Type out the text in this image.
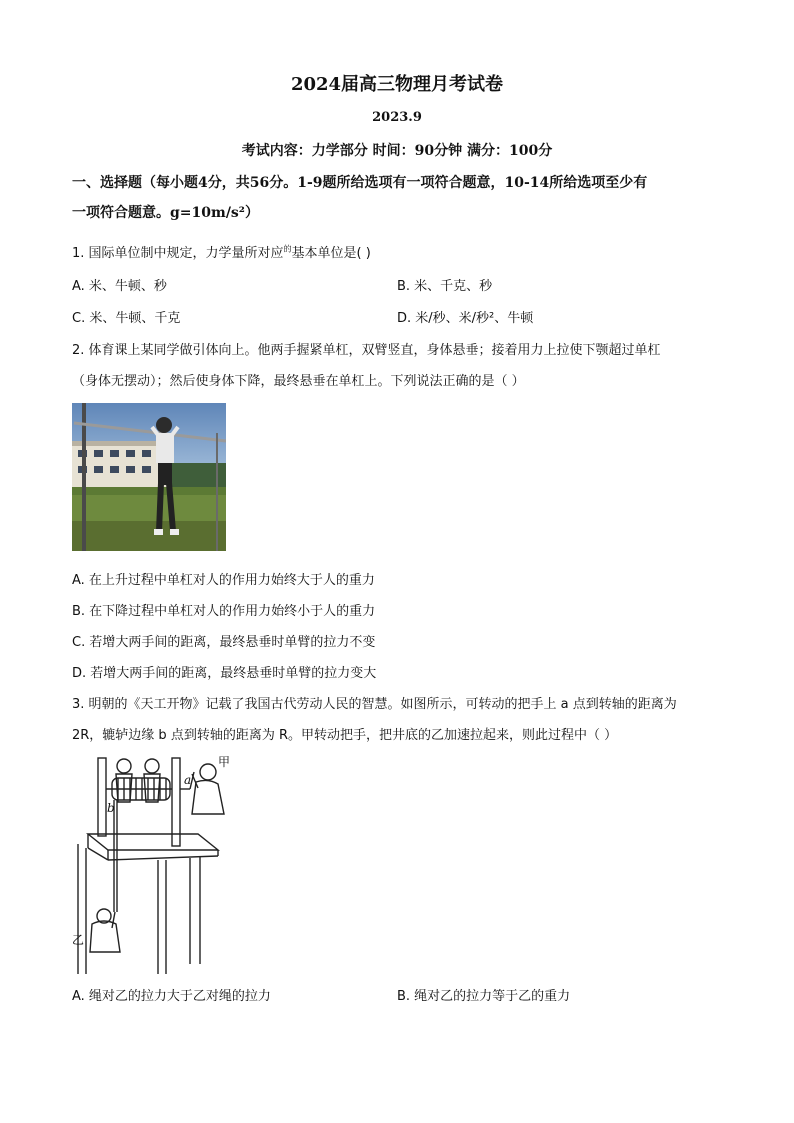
2024届高三物理月考试卷
2023.9
考试内容：力学部分 时间：90分钟 满分：100分
一、选择题（每小题4分，共56分。1-9题所给选项有一项符合题意，10-14所给选项至少有
一项符合题意。g=10m/s²）
1. 国际单位制中规定，力学量所对应$^的$基本单位是( )
A. 米、牛顿、秒	B. 米、千克、秒
C. 米、牛顿、千克	D. 米/秒、米/秒²、牛顿
2. 体育课上某同学做引体向上。他两手握紧单杠，双臂竖直，身体悬垂；接着用力上拉使下颚超过单杠
（身体无摆动）；然后使身体下降，最终悬垂在单杠上。下列说法正确的是（ ）
A. 在上升过程中单杠对人的作用力始终大于人的重力
B. 在下降过程中单杠对人的作用力始终小于人的重力
C. 若增大两手间的距离，最终悬垂时单臂的拉力不变
D. 若增大两手间的距离，最终悬垂时单臂的拉力变大
3. 明朝的《天工开物》记载了我国古代劳动人民的智慧。如图所示，可转动的把手上 a 点到转轴的距离为
2R，辘轳边缘 b 点到转轴的距离为 R。甲转动把手，把井底的乙加速拉起来，则此过程中（ ）
a
b
甲
乙
A. 绳对乙的拉力大于乙对绳的拉力	B. 绳对乙的拉力等于乙的重力
